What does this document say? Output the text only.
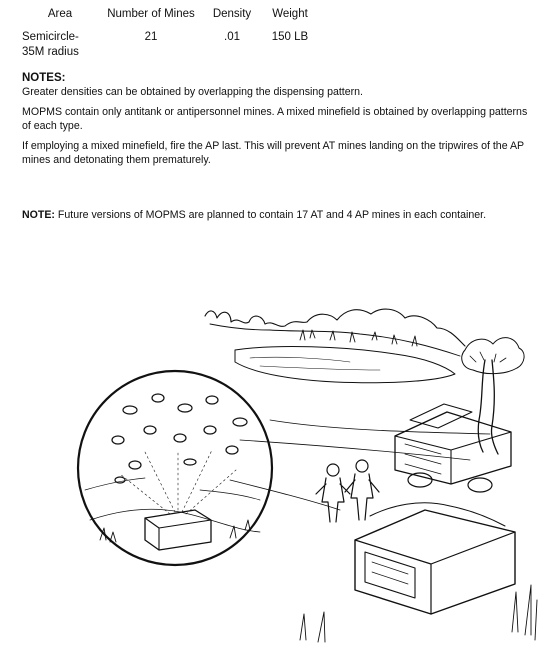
Area	Number of Mines	Density	Weight
Semicircle-
35M radius
21	.01	150 LB
NOTES:

Greater densities can be obtained by overlapping the dispensing pattern.

MOPMS contain only antitank or antipersonnel mines. A mixed minefield is obtained by overlapping patterns of each type.

If employing a mixed minefield, fire the AP last. This will prevent AT mines landing on the tripwires of the AP mines and detonating them prematurely.

NOTE: Future versions of MOPMS are planned to contain 17 AT and 4 AP mines in each container.
